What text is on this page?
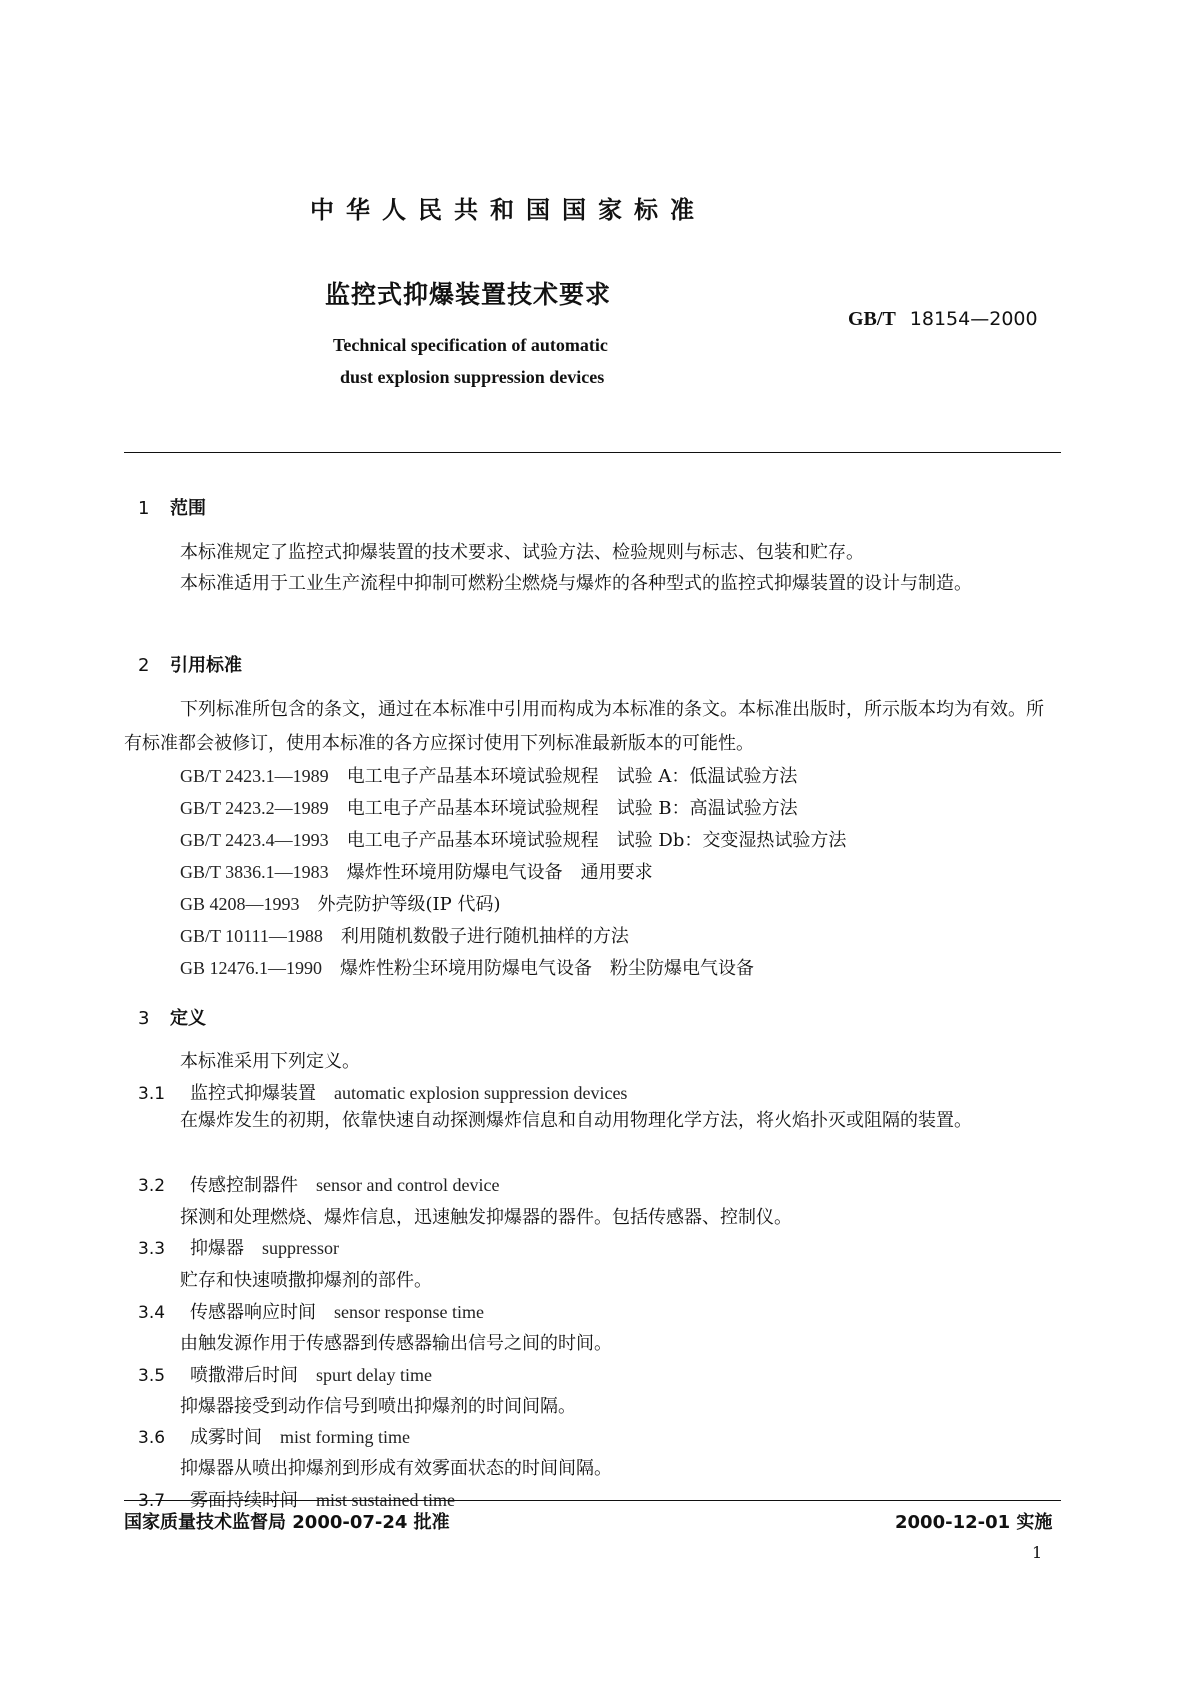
中华人民共和国国家标准
监控式抑爆装置技术要求
GB/T 18154—2000
Technical specification of automatic
dust explosion suppression devices
1 范围
本标准规定了监控式抑爆装置的技术要求、试验方法、检验规则与标志、包装和贮存。
本标准适用于工业生产流程中抑制可燃粉尘燃烧与爆炸的各种型式的监控式抑爆装置的设计与制造。
2 引用标准
下列标准所包含的条文，通过在本标准中引用而构成为本标准的条文。本标准出版时，所示版本均为有效。所有标准都会被修订，使用本标准的各方应探讨使用下列标准最新版本的可能性。
GB/T 2423.1—1989 电工电子产品基本环境试验规程　试验 A：低温试验方法
GB/T 2423.2—1989 电工电子产品基本环境试验规程　试验 B：高温试验方法
GB/T 2423.4—1993 电工电子产品基本环境试验规程　试验 Db：交变湿热试验方法
GB/T 3836.1—1983 爆炸性环境用防爆电气设备　通用要求
GB 4208—1993 外壳防护等级(IP 代码)
GB/T 10111—1988 利用随机数骰子进行随机抽样的方法
GB 12476.1—1990 爆炸性粉尘环境用防爆电气设备　粉尘防爆电气设备
3 定义
本标准采用下列定义。
3.1 监控式抑爆装置 automatic explosion suppression devices
在爆炸发生的初期，依靠快速自动探测爆炸信息和自动用物理化学方法，将火焰扑灭或阻隔的装置。
3.2 传感控制器件 sensor and control device
探测和处理燃烧、爆炸信息，迅速触发抑爆器的器件。包括传感器、控制仪。
3.3 抑爆器 suppressor
贮存和快速喷撒抑爆剂的部件。
3.4 传感器响应时间 sensor response time
由触发源作用于传感器到传感器输出信号之间的时间。
3.5 喷撒滞后时间 spurt delay time
抑爆器接受到动作信号到喷出抑爆剂的时间间隔。
3.6 成雾时间 mist forming time
抑爆器从喷出抑爆剂到形成有效雾面状态的时间间隔。
3.7 雾面持续时间 mist sustained time
国家质量技术监督局 2000-07-24 批准	2000-12-01 实施
1
